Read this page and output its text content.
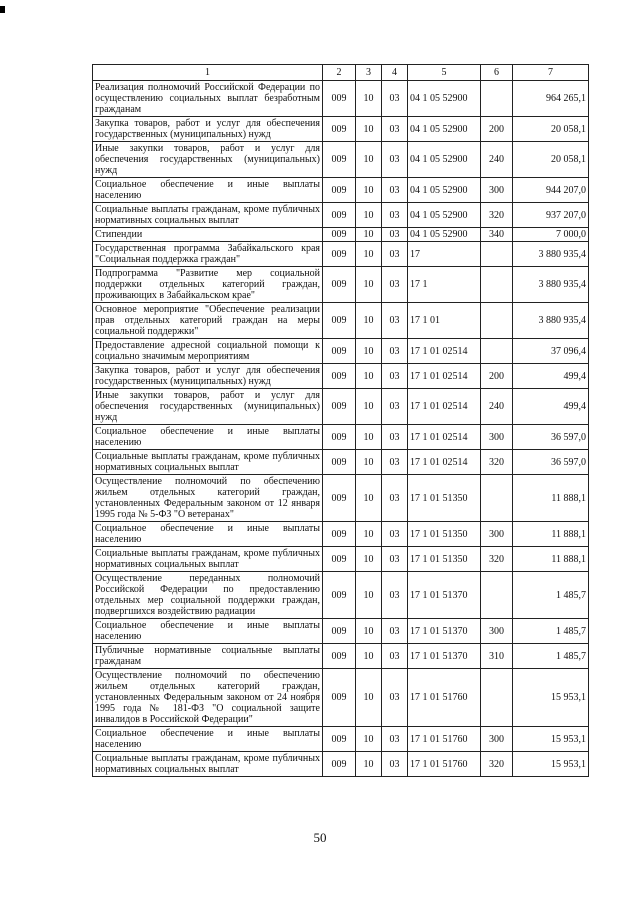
1	2	3	4	5	6	7
Реализация полномочий Российской Федерации по осуществлению социальных выплат безработным гражданам	009	10	03	04 1 05 52900		964 265,1
Закупка товаров, работ и услуг для обеспечения государственных (муниципальных) нужд	009	10	03	04 1 05 52900	200	20 058,1
Иные закупки товаров, работ и услуг для обеспечения государственных (муниципальных) нужд	009	10	03	04 1 05 52900	240	20 058,1
Социальное обеспечение и иные выплаты населению	009	10	03	04 1 05 52900	300	944 207,0
Социальные выплаты гражданам, кроме публичных нормативных социальных выплат	009	10	03	04 1 05 52900	320	937 207,0
Стипендии	009	10	03	04 1 05 52900	340	7 000,0
Государственная программа Забайкальского края "Социальная поддержка граждан"	009	10	03	17		3 880 935,4
Подпрограмма "Развитие мер социальной поддержки отдельных категорий граждан, проживающих в Забайкальском крае"	009	10	03	17 1		3 880 935,4
Основное мероприятие "Обеспечение реализации прав отдельных категорий граждан на меры социальной поддержки"	009	10	03	17 1 01		3 880 935,4
Предоставление адресной социальной помощи к социально значимым мероприятиям	009	10	03	17 1 01 02514		37 096,4
Закупка товаров, работ и услуг для обеспечения государственных (муниципальных) нужд	009	10	03	17 1 01 02514	200	499,4
Иные закупки товаров, работ и услуг для обеспечения государственных (муниципальных) нужд	009	10	03	17 1 01 02514	240	499,4
Социальное обеспечение и иные выплаты населению	009	10	03	17 1 01 02514	300	36 597,0
Социальные выплаты гражданам, кроме публичных нормативных социальных выплат	009	10	03	17 1 01 02514	320	36 597,0
Осуществление полномочий по обеспечению жильем отдельных категорий граждан, установленных Федеральным законом от 12 января 1995 года № 5-ФЗ "О ветеранах"	009	10	03	17 1 01 51350		11 888,1
Социальное обеспечение и иные выплаты населению	009	10	03	17 1 01 51350	300	11 888,1
Социальные выплаты гражданам, кроме публичных нормативных социальных выплат	009	10	03	17 1 01 51350	320	11 888,1
Осуществление переданных полномочий Российской Федерации по предоставлению отдельных мер социальной поддержки граждан, подвергшихся воздействию радиации	009	10	03	17 1 01 51370		1 485,7
Социальное обеспечение и иные выплаты населению	009	10	03	17 1 01 51370	300	1 485,7
Публичные нормативные социальные выплаты гражданам	009	10	03	17 1 01 51370	310	1 485,7
Осуществление полномочий по обеспечению жильем отдельных категорий граждан, установленных Федеральным законом от 24 ноября 1995 года № 181-ФЗ "О социальной защите инвалидов в Российской Федерации"	009	10	03	17 1 01 51760		15 953,1
Социальное обеспечение и иные выплаты населению	009	10	03	17 1 01 51760	300	15 953,1
Социальные выплаты гражданам, кроме публичных нормативных социальных выплат	009	10	03	17 1 01 51760	320	15 953,1
50
